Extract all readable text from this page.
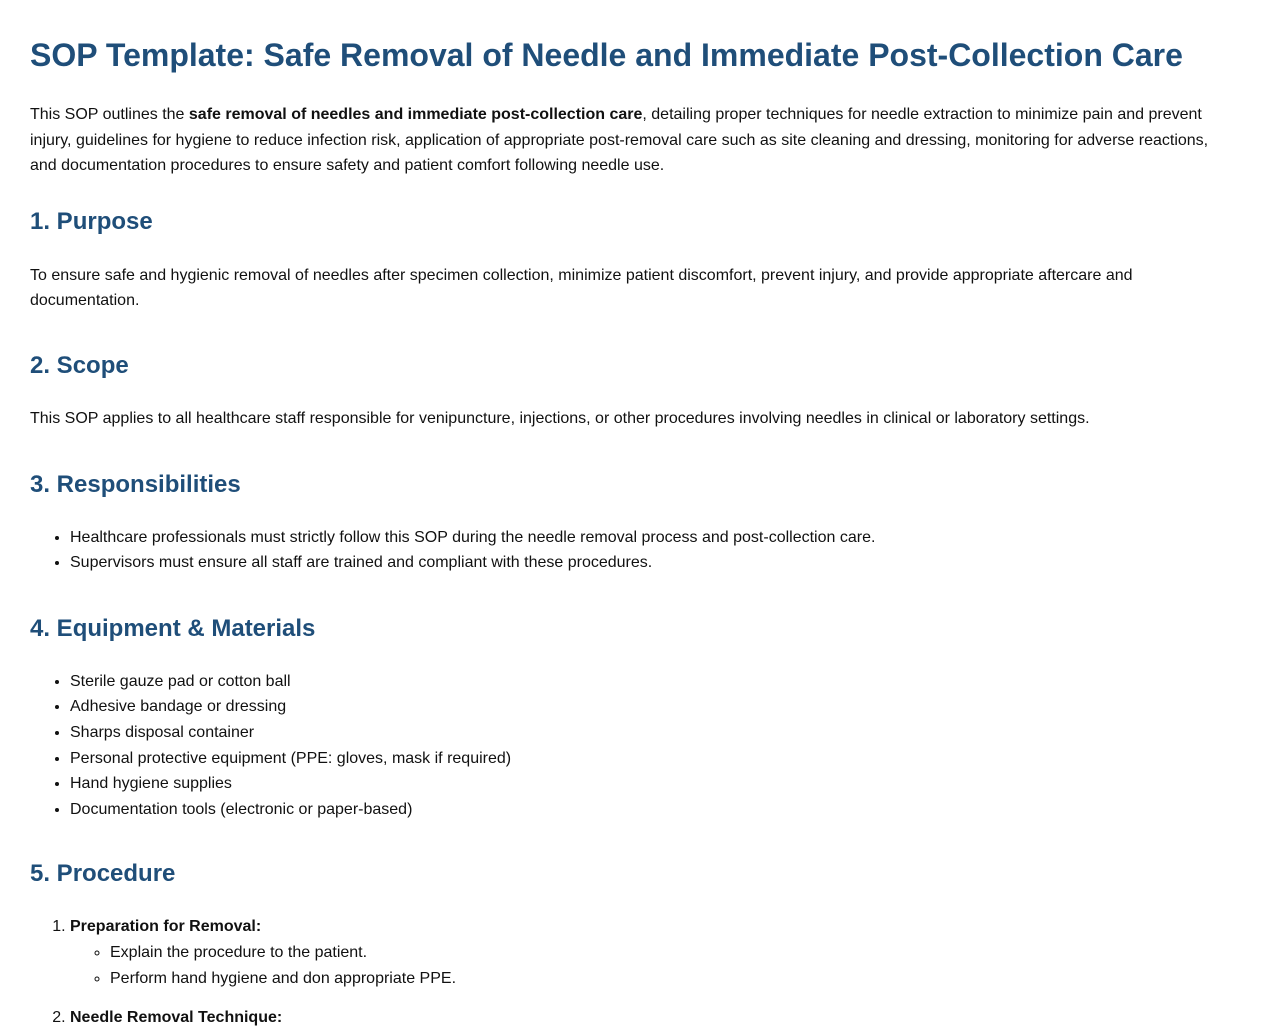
SOP Template: Safe Removal of Needle and Immediate Post-Collection Care

This SOP outlines the safe removal of needles and immediate post-collection care, detailing proper techniques for needle extraction to minimize pain and prevent injury, guidelines for hygiene to reduce infection risk, application of appropriate post-removal care such as site cleaning and dressing, monitoring for adverse reactions, and documentation procedures to ensure safety and patient comfort following needle use.

1. Purpose

To ensure safe and hygienic removal of needles after specimen collection, minimize patient discomfort, prevent injury, and provide appropriate aftercare and documentation.

2. Scope

This SOP applies to all healthcare staff responsible for venipuncture, injections, or other procedures involving needles in clinical or laboratory settings.

3. Responsibilities
• Healthcare professionals must strictly follow this SOP during the needle removal process and post-collection care.
• Supervisors must ensure all staff are trained and compliant with these procedures.
4. Equipment & Materials
• Sterile gauze pad or cotton ball
• Adhesive bandage or dressing
• Sharps disposal container
• Personal protective equipment (PPE: gloves, mask if required)
• Hand hygiene supplies
• Documentation tools (electronic or paper-based)
5. Procedure
1. Preparation for Removal:
◦ Explain the procedure to the patient.
◦ Perform hand hygiene and don appropriate PPE.
2. Needle Removal Technique:
